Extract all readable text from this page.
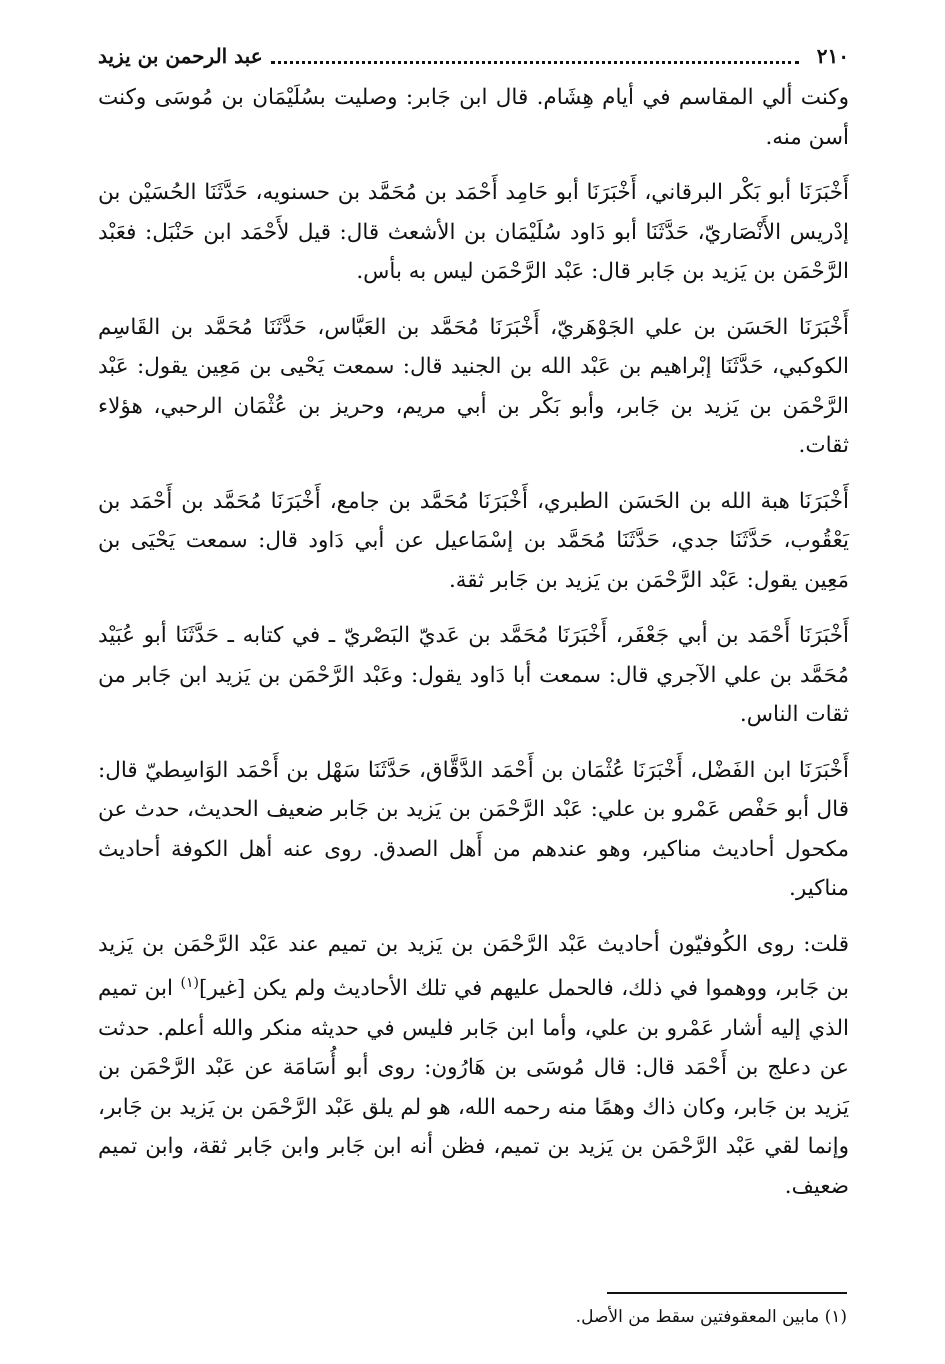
٢١٠
عبد الرحمن بن يزيد

وكنت ألي المقاسم في أيام هِشَام. قال ابن جَابر: وصليت بسُلَيْمَان بن مُوسَى وكنت أسن منه.

أَخْبَرَنَا أبو بَكْر البرقاني، أَخْبَرَنَا أبو حَامِد أَحْمَد بن مُحَمَّد بن حسنويه، حَدَّثَنَا الحُسَيْن بن إدْريس الأَنْصَاريّ، حَدَّثَنَا أبو دَاود سُلَيْمَان بن الأشعث قال: قيل لأَحْمَد ابن حَنْبَل: فعَبْد الرَّحْمَن بن يَزيد بن جَابر قال: عَبْد الرَّحْمَن ليس به بأس.

أَخْبَرَنَا الحَسَن بن علي الجَوْهَريّ، أَخْبَرَنَا مُحَمَّد بن العَبَّاس، حَدَّثَنَا مُحَمَّد بن القَاسِم الكوكبي، حَدَّثَنَا إبْراهيم بن عَبْد الله بن الجنيد قال: سمعت يَحْيى بن مَعِين يقول: عَبْد الرَّحْمَن بن يَزيد بن جَابر، وأبو بَكْر بن أبي مريم، وحريز بن عُثْمَان الرحبي، هؤلاء ثقات.

أَخْبَرَنَا هبة الله بن الحَسَن الطبري، أَخْبَرَنَا مُحَمَّد بن جامع، أَخْبَرَنَا مُحَمَّد بن أَحْمَد بن يَعْقُوب، حَدَّثَنَا جدي، حَدَّثَنَا مُحَمَّد بن إسْمَاعيل عن أبي دَاود قال: سمعت يَحْيَى بن مَعِين يقول: عَبْد الرَّحْمَن بن يَزيد بن جَابر ثقة.

أَخْبَرَنَا أَحْمَد بن أبي جَعْفَر، أَخْبَرَنَا مُحَمَّد بن عَديّ البَصْريّ ـ في كتابه ـ حَدَّثَنَا أبو عُبَيْد مُحَمَّد بن علي الآجري قال: سمعت أبا دَاود يقول: وعَبْد الرَّحْمَن بن يَزيد ابن جَابر من ثقات الناس.

أَخْبَرَنَا ابن الفَضْل، أَخْبَرَنَا عُثْمَان بن أَحْمَد الدَّقَّاق، حَدَّثَنَا سَهْل بن أَحْمَد الوَاسِطيّ قال: قال أبو حَفْص عَمْرو بن علي: عَبْد الرَّحْمَن بن يَزيد بن جَابر ضعيف الحديث، حدث عن مكحول أحاديث مناكير، وهو عندهم من أَهل الصدق. روى عنه أهل الكوفة أحاديث مناكير.

قلت: روى الكُوفيّون أحاديث عَبْد الرَّحْمَن بن يَزيد بن تميم عند عَبْد الرَّحْمَن بن يَزيد بن جَابر، ووهموا في ذلك، فالحمل عليهم في تلك الأحاديث ولم يكن [غير]$^{(١)}$ ابن تميم الذي إليه أشار عَمْرو بن علي، وأما ابن جَابر فليس في حديثه منكر والله أعلم. حدثت عن دعلج بن أَحْمَد قال: قال مُوسَى بن هَارُون: روى أبو أُسَامَة عن عَبْد الرَّحْمَن بن يَزيد بن جَابر، وكان ذاك وهمًا منه رحمه الله، هو لم يلق عَبْد الرَّحْمَن بن يَزيد بن جَابر، وإنما لقي عَبْد الرَّحْمَن بن يَزيد بن تميم، فظن أنه ابن جَابر وابن جَابر ثقة، وابن تميم ضعيف.

(١) مابين المعقوفتين سقط من الأصل.
